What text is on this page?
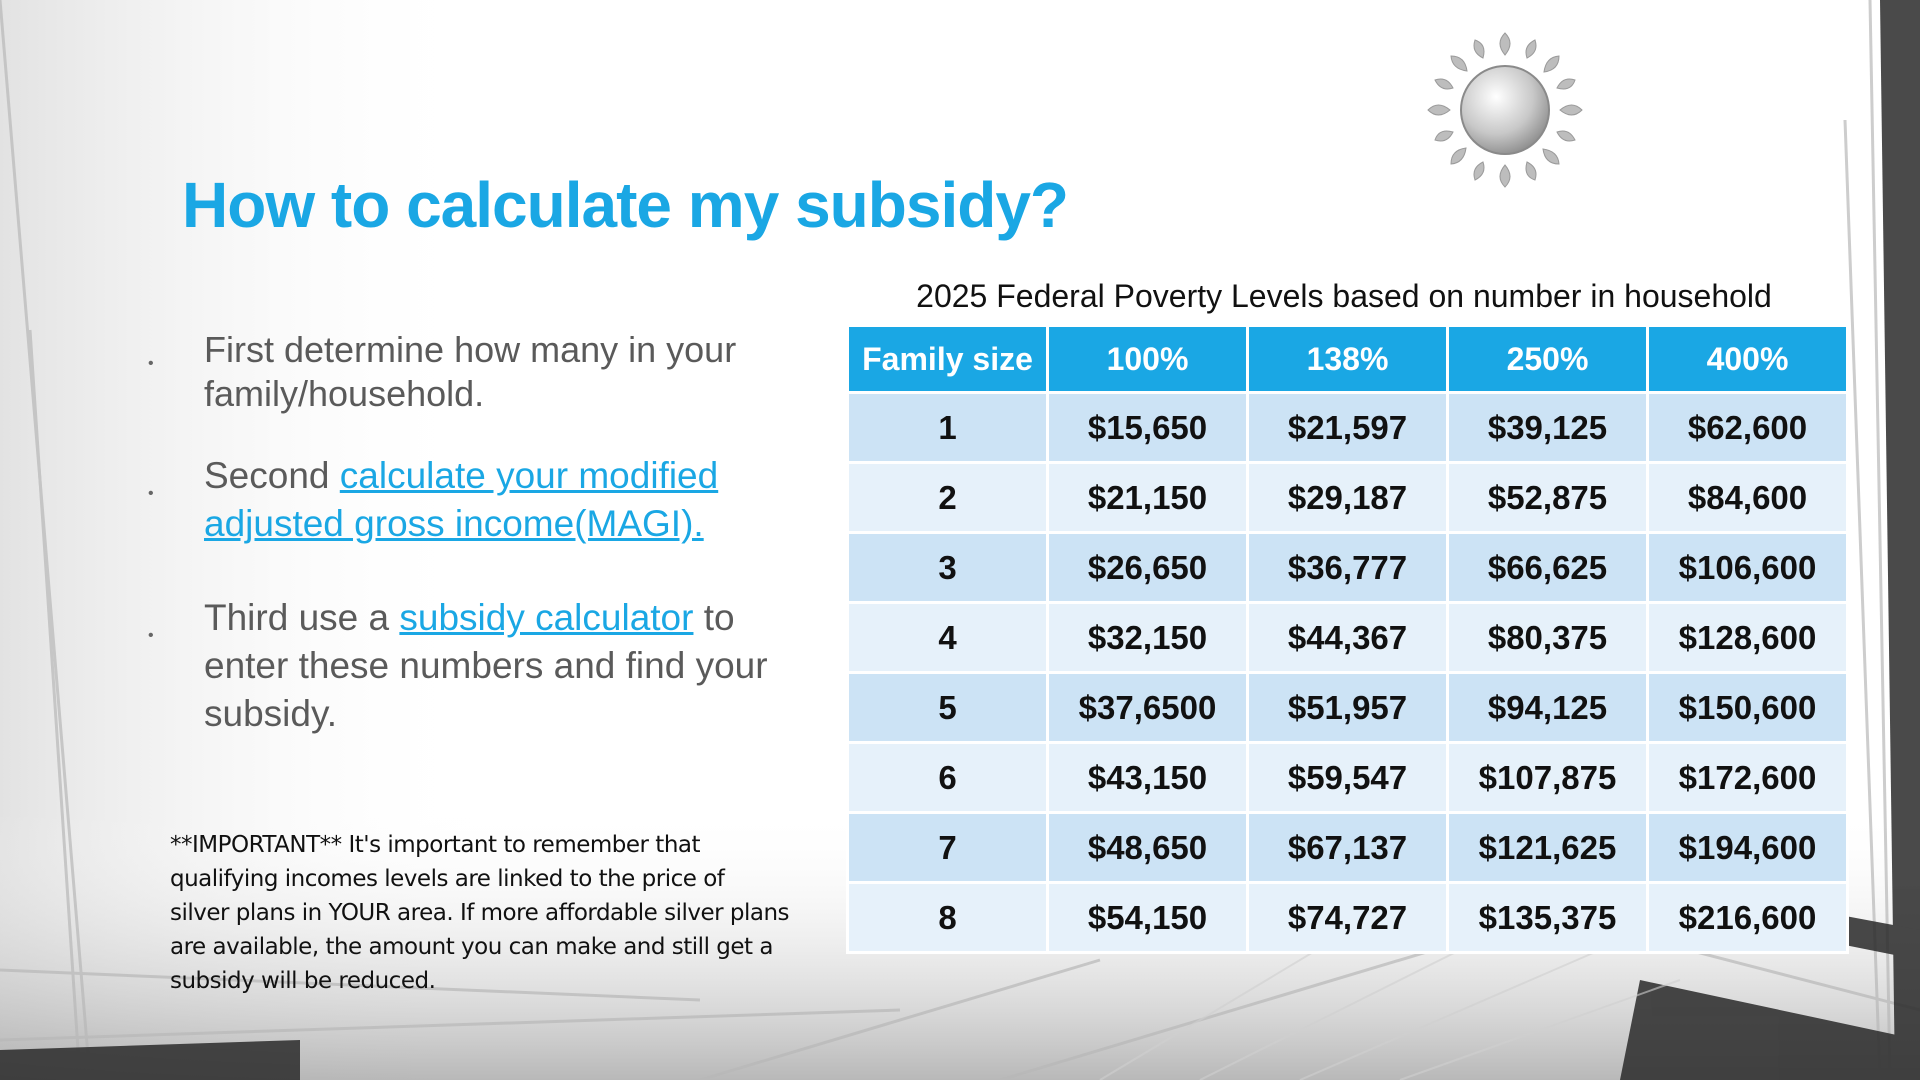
How to calculate my subsidy?
• First determine how many in your family/household.
• Second calculate your modified adjusted gross income(MAGI).
• Third use a subsidy calculator to enter these numbers and find your subsidy.
**IMPORTANT** It's important to remember that qualifying incomes levels are linked to the price of silver plans in YOUR area. If more affordable silver plans are available, the amount you can make and still get a subsidy will be reduced.
2025 Federal Poverty Levels based on number in household
Family size	100%	138%	250%	400%
1	$15,650	$21,597	$39,125	$62,600
2	$21,150	$29,187	$52,875	$84,600
3	$26,650	$36,777	$66,625	$106,600
4	$32,150	$44,367	$80,375	$128,600
5	$37,6500	$51,957	$94,125	$150,600
6	$43,150	$59,547	$107,875	$172,600
7	$48,650	$67,137	$121,625	$194,600
8	$54,150	$74,727	$135,375	$216,600
